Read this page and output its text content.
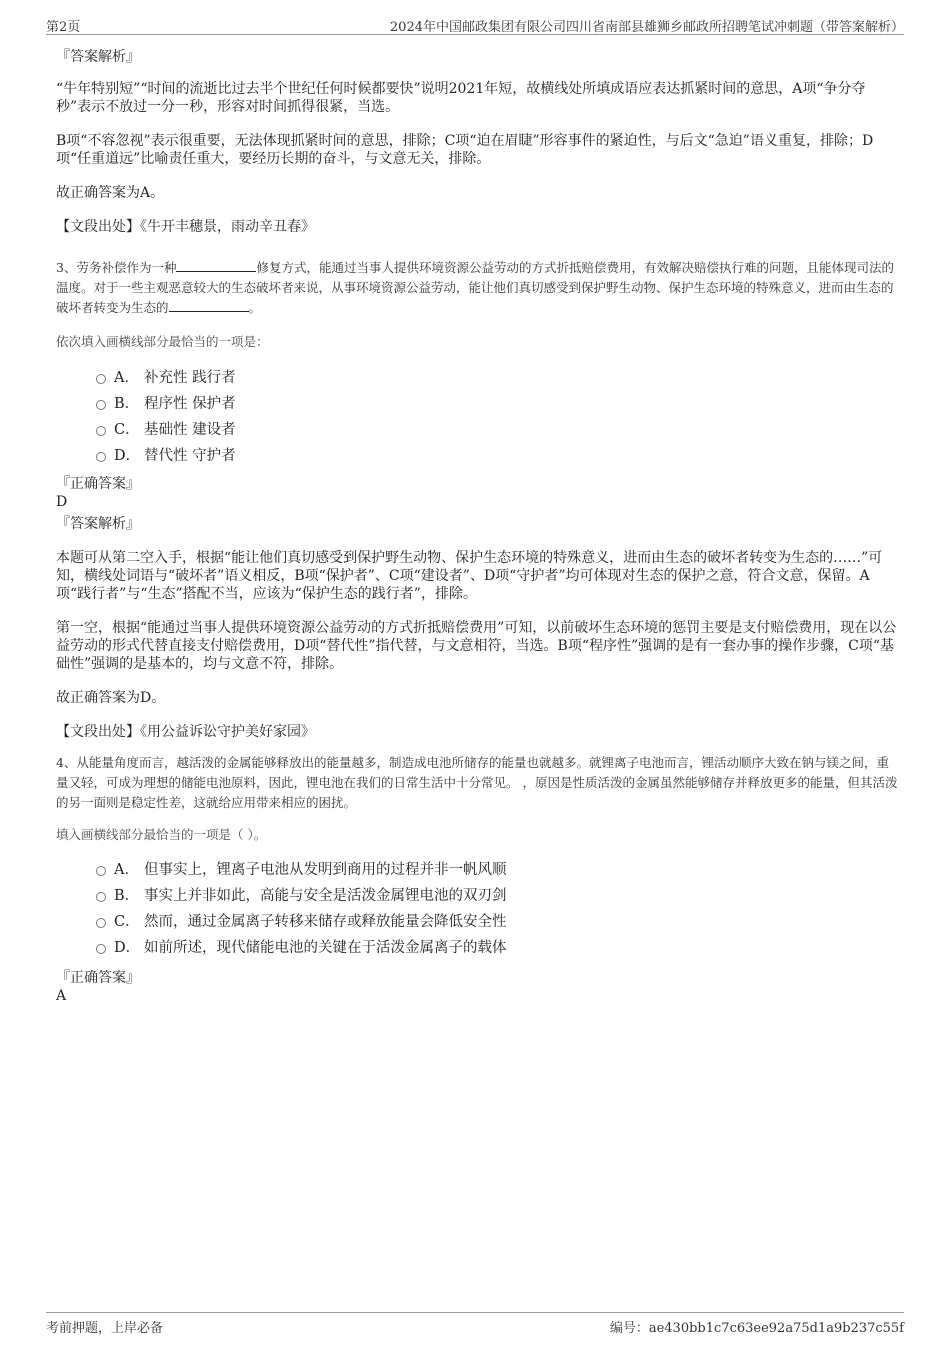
第2页	2024年中国邮政集团有限公司四川省南部县雄狮乡邮政所招聘笔试冲刺题（带答案解析）

『答案解析』

“牛年特别短”“时间的流逝比过去半个世纪任何时候都要快”说明2021年短，故横线处所填成语应表达抓紧时间的意思，A项“争分夺秒”表示不放过一分一秒，形容对时间抓得很紧，当选。

B项“不容忽视”表示很重要，无法体现抓紧时间的意思，排除；C项“迫在眉睫”形容事件的紧迫性，与后文“急迫”语义重复，排除；D项“任重道远”比喻责任重大，要经历长期的奋斗，与文意无关，排除。

故正确答案为A。

【文段出处】《牛开丰穗景，雨动辛丑春》

3、劳务补偿作为一种	修复方式，能通过当事人提供环境资源公益劳动的方式折抵赔偿费用，有效解决赔偿执行难的问题，且能体现司法的温度。对于一些主观恶意较大的生态破坏者来说，从事环境资源公益劳动，能让他们真切感受到保护野生动物、保护生态环境的特殊意义，进而由生态的破坏者转变为生态的	。

依次填入画横线部分最恰当的一项是：

A． 补充性 践行者
B． 程序性 保护者
C． 基础性 建设者
D． 替代性 守护者

『正确答案』

D

『答案解析』

本题可从第二空入手，根据“能让他们真切感受到保护野生动物、保护生态环境的特殊意义，进而由生态的破坏者转变为生态的……”可知，横线处词语与“破坏者”语义相反，B项“保护者”、C项“建设者”、D项“守护者”均可体现对生态的保护之意，符合文意，保留。A项“践行者”与“生态”搭配不当，应该为“保护生态的践行者”，排除。

第一空，根据“能通过当事人提供环境资源公益劳动的方式折抵赔偿费用”可知，以前破坏生态环境的惩罚主要是支付赔偿费用，现在以公益劳动的形式代替直接支付赔偿费用，D项“替代性”指代替，与文意相符，当选。B项“程序性”强调的是有一套办事的操作步骤，C项“基础性”强调的是基本的，均与文意不符，排除。

故正确答案为D。

【文段出处】《用公益诉讼守护美好家园》

4、从能量角度而言，越活泼的金属能够释放出的能量越多，制造成电池所储存的能量也就越多。就锂离子电池而言，锂活动顺序大致在钠与镁之间，重量又轻，可成为理想的储能电池原料，因此，锂电池在我们的日常生活中十分常见。 ，原因是性质活泼的金属虽然能够储存并释放更多的能量，但其活泼的另一面则是稳定性差，这就给应用带来相应的困扰。

填入画横线部分最恰当的一项是（ ）。

A． 但事实上，锂离子电池从发明到商用的过程并非一帆风顺
B． 事实上并非如此，高能与安全是活泼金属锂电池的双刃剑
C． 然而，通过金属离子转移来储存或释放能量会降低安全性
D． 如前所述，现代储能电池的关键在于活泼金属离子的载体

『正确答案』

A

考前押题，上岸必备	编号：ae430bb1c7c63ee92a75d1a9b237c55f
